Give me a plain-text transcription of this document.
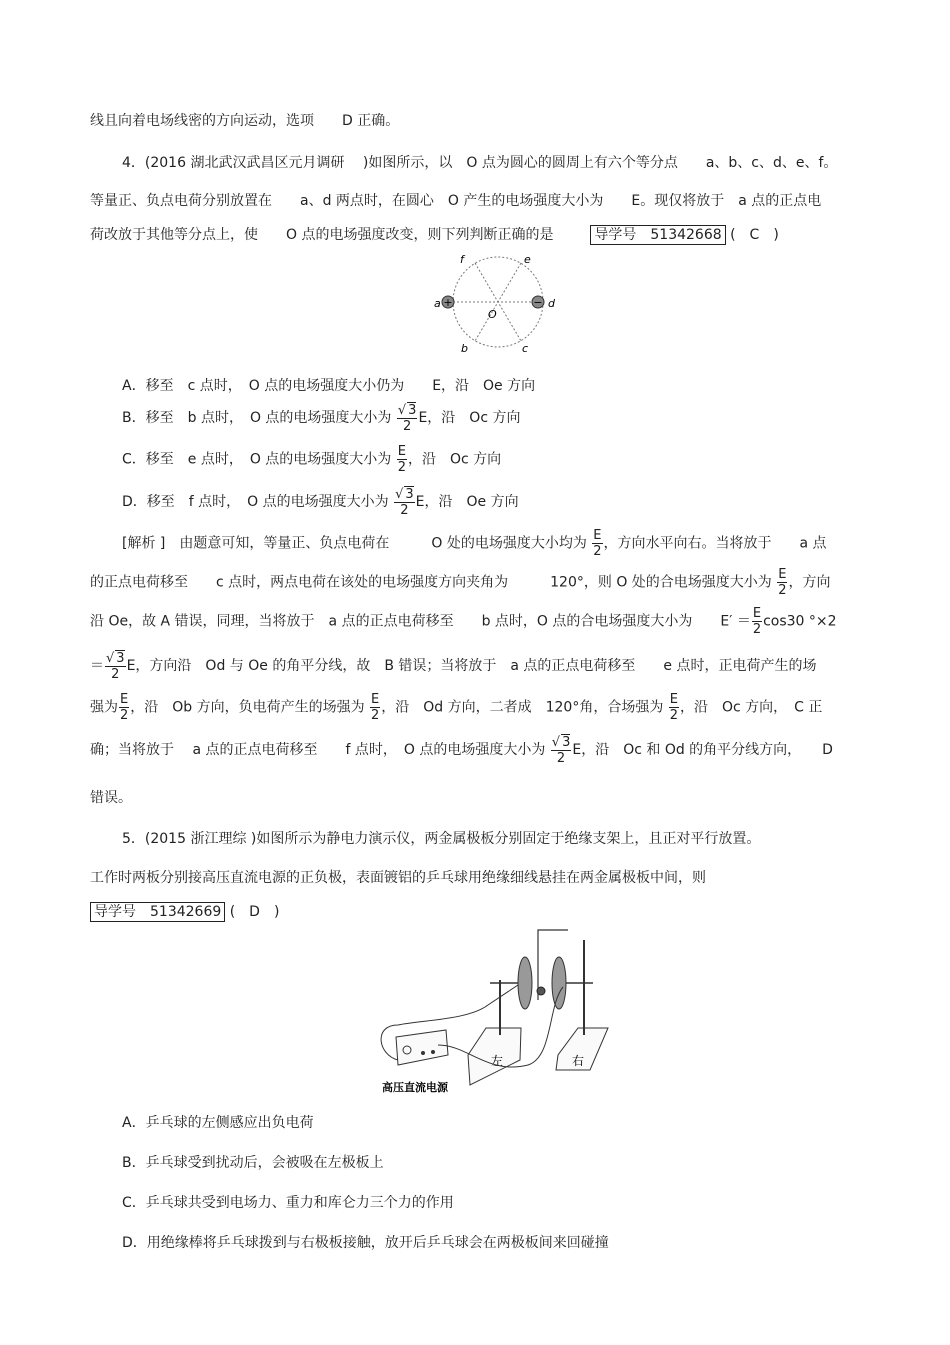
线且向着电场线密的方向运动，选项　　D 正确。
4．(2016 湖北武汉武昌区元月调研　 )如图所示，以　O 点为圆心的圆周上有六个等分点　　a、b、c、d、e、f。
等量正、负点电荷分别放置在　　a、d 两点时，在圆心　O 产生的电场强度大小为　　E。现仅将放于　a 点的正点电
荷改放于其他等分点上，使　　O 点的电场强度改变，则下列判断正确的是	导学号　51342668 (　C　)
+	−
a	d
f	e
b	c
O
A．移至　c 点时，　O 点的电场强度大小仍为　　E，沿　Oe 方向
B．移至　b 点时，　O 点的电场强度大小为 $\frac{√ 3}{2}$ E，沿　Oc 方向
C．移至　e 点时，　O 点的电场强度大小为 $\frac{E}{2}$ ，沿　Oc 方向
D．移至　f 点时，　O 点的电场强度大小为 $\frac{√ 3}{2}$ E，沿　Oe 方向
[解析 ]　由题意可知，等量正、负点电荷在　　　O 处的电场强度大小均为 $\frac{E}{2}$ ，方向水平向右。当将放于　　a 点
的正点电荷移至　　c 点时，两点电荷在该处的电场强度方向夹角为　　　120°，则 O 处的合电场强度大小为 $\frac{E}{2}$ ，方向
沿 Oe，故 A 错误，同理，当将放于　a 点的正点电荷移至　　b 点时，O 点的合电场强度大小为　　$E' = \frac{E}{2} \cos 30$ °×2
＝ $\frac{√ 3}{2}$ E，方向沿　Od 与 Oe 的角平分线，故　B 错误；当将放于　a 点的正点电荷移至　　e 点时，正电荷产生的场
强为 $\frac{E}{2}$ ，沿　Ob 方向，负电荷产生的场强为 $\frac{E}{2}$ ，沿　Od 方向，二者成　120°角，合场强为 $\frac{E}{2}$ ，沿　Oc 方向，　C 正
确；当将放于　 a 点的正点电荷移至　　f 点时，　O 点的电场强度大小为 $\frac{√ 3}{2}$ E，沿　Oc 和 Od 的角平分线方向，　　D
错误。
5．(2015 浙江理综 )如图所示为静电力演示仪，两金属极板分别固定于绝缘支架上，且正对平行放置。
工作时两板分别接高压直流电源的正负极，表面镀铝的乒乓球用绝缘细线悬挂在两金属极板中间，则
导学号　51342669 (　D　)
左	右
高压直流电源
A．乒乓球的左侧感应出负电荷
B．乒乓球受到扰动后，会被吸在左极板上
C．乒乓球共受到电场力、重力和库仑力三个力的作用
D．用绝缘棒将乒乓球拨到与右极板接触，放开后乒乓球会在两极板间来回碰撞
